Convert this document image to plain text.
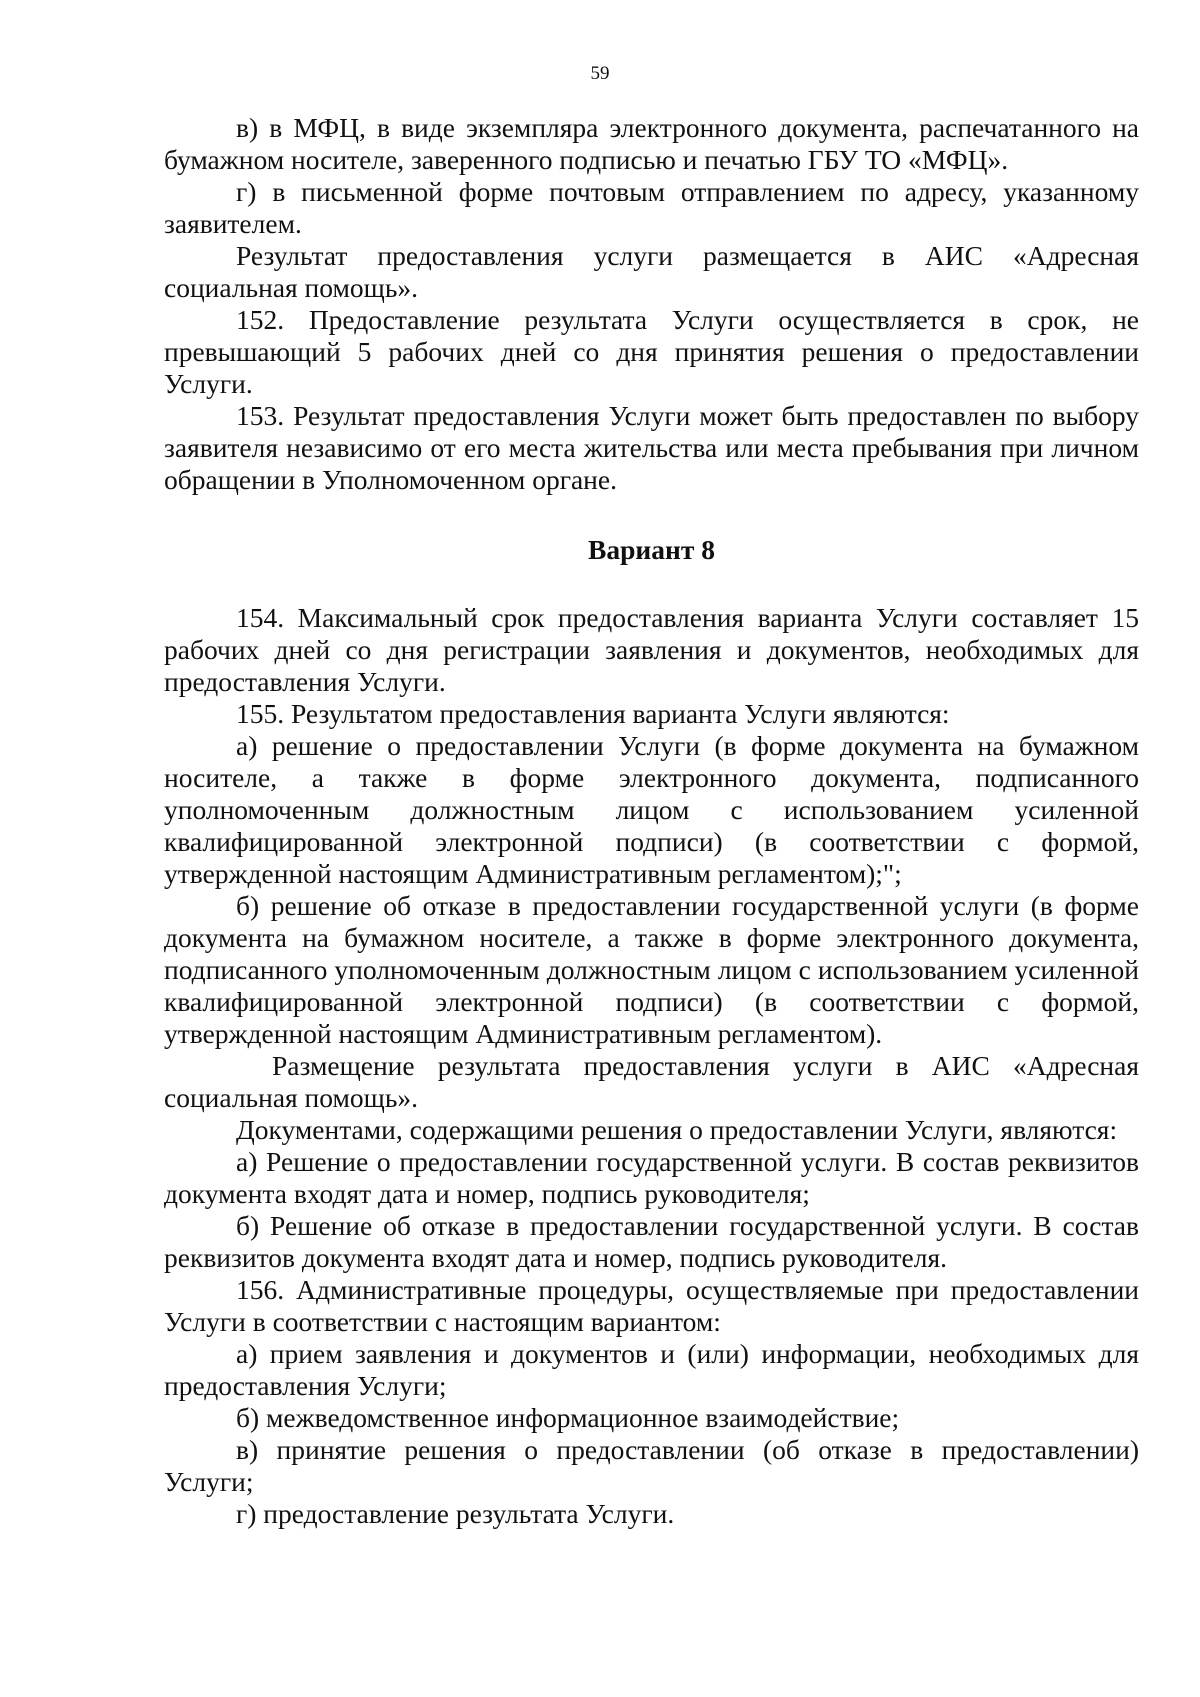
59

в) в МФЦ, в виде экземпляра электронного документа, распечатанного на бумажном носителе, заверенного подписью и печатью ГБУ ТО «МФЦ».

г) в письменной форме почтовым отправлением по адресу, указанному заявителем.

Результат предоставления услуги размещается в АИС «Адресная социальная помощь».

152. Предоставление результата Услуги осуществляется в срок, не превышающий 5 рабочих дней со дня принятия решения о предоставлении Услуги.

153. Результат предоставления Услуги может быть предоставлен по выбору заявителя независимо от его места жительства или места пребывания при личном обращении в Уполномоченном органе.

Вариант 8

154. Максимальный срок предоставления варианта Услуги составляет 15 рабочих дней со дня регистрации заявления и документов, необходимых для предоставления Услуги.

155. Результатом предоставления варианта Услуги являются:

а) решение о предоставлении Услуги (в форме документа на бумажном носителе, а также в форме электронного документа, подписанного уполномоченным должностным лицом с использованием усиленной квалифицированной электронной подписи) (в соответствии с формой, утвержденной настоящим Административным регламентом);";

б) решение об отказе в предоставлении государственной услуги (в форме документа на бумажном носителе, а также в форме электронного документа, подписанного уполномоченным должностным лицом с использованием усиленной квалифицированной электронной подписи) (в соответствии с формой, утвержденной настоящим Административным регламентом).

Размещение результата предоставления услуги в АИС «Адресная социальная помощь».

Документами, содержащими решения о предоставлении Услуги, являются:

а) Решение о предоставлении государственной услуги. В состав реквизитов документа входят дата и номер, подпись руководителя;

б) Решение об отказе в предоставлении государственной услуги. В состав реквизитов документа входят дата и номер, подпись руководителя.

156. Административные процедуры, осуществляемые при предоставлении Услуги в соответствии с настоящим вариантом:

а) прием заявления и документов и (или) информации, необходимых для предоставления Услуги;

б) межведомственное информационное взаимодействие;

в) принятие решения о предоставлении (об отказе в предоставлении) Услуги;

г) предоставление результата Услуги.
